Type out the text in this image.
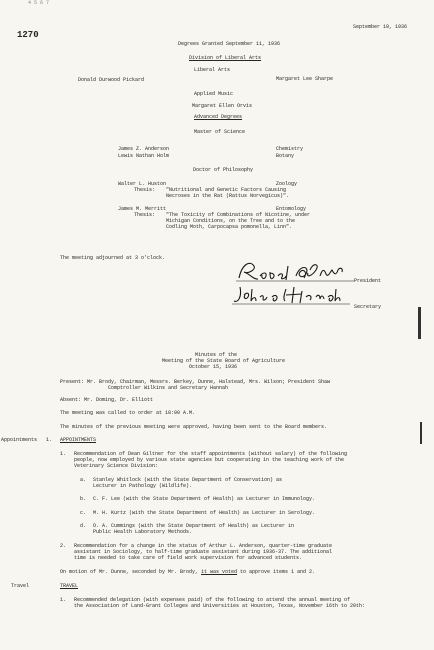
4 5 6 7
1270
September 10, 1936
Degrees Granted September 11, 1936
Division of Liberal Arts
Liberal Arts
Donald Durwood Pickard	Margaret Lee Sharpe
Applied Music
Margaret Ellen Orvis
Advanced Degrees
Master of Science
James Z. Anderson	Chemistry
Lewis Nathan Holm	Botany
Doctor of Philosophy
Walter L. Huston	Zoology
Thesis: "Nutritional and Genetic Factors Causing
Necroses in the Rat (Rattus Norvegicus)".
James M. Merritt	Entomology
Thesis: "The Toxicity of Combinations of Nicotine, under
Michigan Conditions, on the Tree and to the
Codling Moth, Carpocapsa pomonella, Linn".
The meeting adjourned at 3 o'clock.
President
Secretary
Minutes of the
Meeting of the State Board of Agriculture
October 15, 1936
Present: Mr. Brody, Chairman, Messrs. Berkey, Dunne, Halstead, Mrs. Wilson; President Shaw
Comptroller Wilkins and Secretary Hannah
Absent: Mr. Doming, Dr. Elliott
The meeting was called to order at 10:00 A.M.
The minutes of the previous meeting were approved, having been sent to the Board members.
Appointments 1. APPOINTMENTS
1. Recommendation of Dean Giltner for the staff appointments (without salary) of the following
people, now employed by various state agencies but cooperating in the teaching work of the
Veterinary Science Division:
a. Stanley Whitlock (with the State Department of Conservation) as
Lecturer in Pathology (Wildlife).
b. C. F. Lee (with the State Department of Health) as Lecturer in Immunology.
c. M. H. Kurtz (with the State Department of Health) as Lecturer in Serology.
d. O. A. Cummings (with the State Department of Health) as Lecturer in
Public Health Laboratory Methods.
2. Recommendation for a change in the status of Arthur L. Anderson, quarter-time graduate
assistant in Sociology, to half-time graduate assistant during 1936-37. The additional
time is needed to take care of field work supervision for advanced students.
On motion of Mr. Dunne, seconded by Mr. Brody, it was voted to approve items 1 and 2.
Travel	TRAVEL
1. Recommended delegation (with expenses paid) of the following to attend the annual meeting of
the Association of Land-Grant Colleges and Universities at Houston, Texas, November 16th to 20th:
